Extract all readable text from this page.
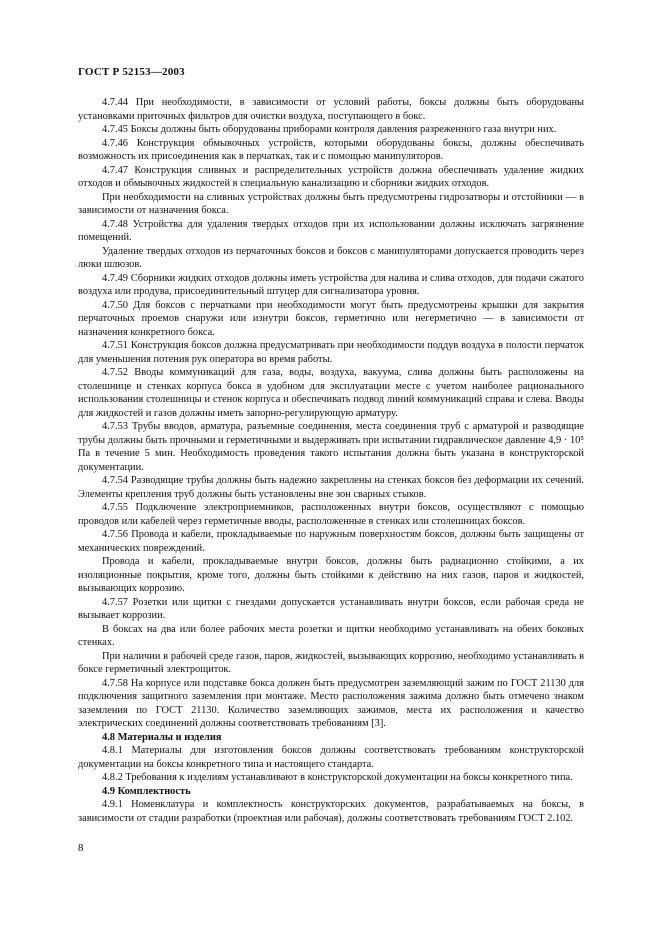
ГОСТ Р 52153—2003

4.7.44 При необходимости, в зависимости от условий работы, боксы должны быть оборудованы установками приточных фильтров для очистки воздуха, поступающего в бокс.

4.7.45 Боксы должны быть оборудованы приборами контроля давления разреженного газа внутри них.

4.7.46 Конструкция обмывочных устройств, которыми оборудованы боксы, должны обеспечивать возможность их присоединения как в перчатках, так и с помощью манипуляторов.

4.7.47 Конструкция сливных и распределительных устройств должна обеспечивать удаление жидких отходов и обмывочных жидкостей в специальную канализацию и сборники жидких отходов.

При необходимости на сливных устройствах должны быть предусмотрены гидрозатворы и отстойники — в зависимости от назначения бокса.

4.7.48 Устройства для удаления твердых отходов при их использовании должны исключать загрязнение помещений.

Удаление твердых отходов из перчаточных боксов и боксов с манипуляторами допускается проводить через люки шлюзов.

4.7.49 Сборники жидких отходов должны иметь устройства для налива и слива отходов, для подачи сжатого воздуха или продува, присоединительный штуцер для сигнализатора уровня.

4.7.50 Для боксов с перчатками при необходимости могут быть предусмотрены крышки для закрытия перчаточных проемов снаружи или изнутри боксов, герметично или негерметично — в зависимости от назначения конкретного бокса.

4.7.51 Конструкция боксов должна предусматривать при необходимости поддув воздуха в полости перчаток для уменьшения потения рук оператора во время работы.

4.7.52 Вводы коммуникаций для газа, воды, воздуха, вакуума, слива должны быть расположены на столешнице и стенках корпуса бокса в удобном для эксплуатации месте с учетом наиболее рационального использования столешницы и стенок корпуса и обеспечивать подвод линий коммуникаций справа и слева. Вводы для жидкостей и газов должны иметь запорно-регулирующую арматуру.

4.7.53 Трубы вводов, арматура, разъемные соединения, места соединения труб с арматурой и разводящие трубы должны быть прочными и герметичными и выдерживать при испытании гидравлическое давление 4,9 · 10⁵ Па в течение 5 мин. Необходимость проведения такого испытания должна быть указана в конструкторской документации.

4.7.54 Разводящие трубы должны быть надежно закреплены на стенках боксов без деформации их сечений. Элементы крепления труб должны быть установлены вне зон сварных стыков.

4.7.55 Подключение электроприемников, расположенных внутри боксов, осуществляют с помощью проводов или кабелей через герметичные вводы, расположенные в стенках или столешницах боксов.

4.7.56 Провода и кабели, прокладываемые по наружным поверхностям боксов, должны быть защищены от механических повреждений.

Провода и кабели, прокладываемые внутри боксов, должны быть радиационно стойкими, а их изоляционные покрытия, кроме того, должны быть стойкими к действию на них газов, паров и жидкостей, вызывающих коррозию.

4.7.57 Розетки или щитки с гнездами допускается устанавливать внутри боксов, если рабочая среда не вызывает коррозии.

В боксах на два или более рабочих места розетки и щитки необходимо устанавливать на обеих боковых стенках.

При наличии в рабочей среде газов, паров, жидкостей, вызывающих коррозию, необходимо устанавливать в боксе герметичный электрощиток.

4.7.58 На корпусе или подставке бокса должен быть предусмотрен заземляющий зажим по ГОСТ 21130 для подключения защитного заземления при монтаже. Место расположения зажима должно быть отмечено знаком заземления по ГОСТ 21130. Количество заземляющих зажимов, места их расположения и качество электрических соединений должны соответствовать требованиям [3].

4.8 Материалы и изделия

4.8.1 Материалы для изготовления боксов должны соответствовать требованиям конструкторской документации на боксы конкретного типа и настоящего стандарта.

4.8.2 Требования к изделиям устанавливают в конструкторской документации на боксы конкретного типа.

4.9 Комплектность

4.9.1 Номенклатура и комплектность конструкторских документов, разрабатываемых на боксы, в зависимости от стадии разработки (проектная или рабочая), должны соответствовать требованиям ГОСТ 2.102.

8
